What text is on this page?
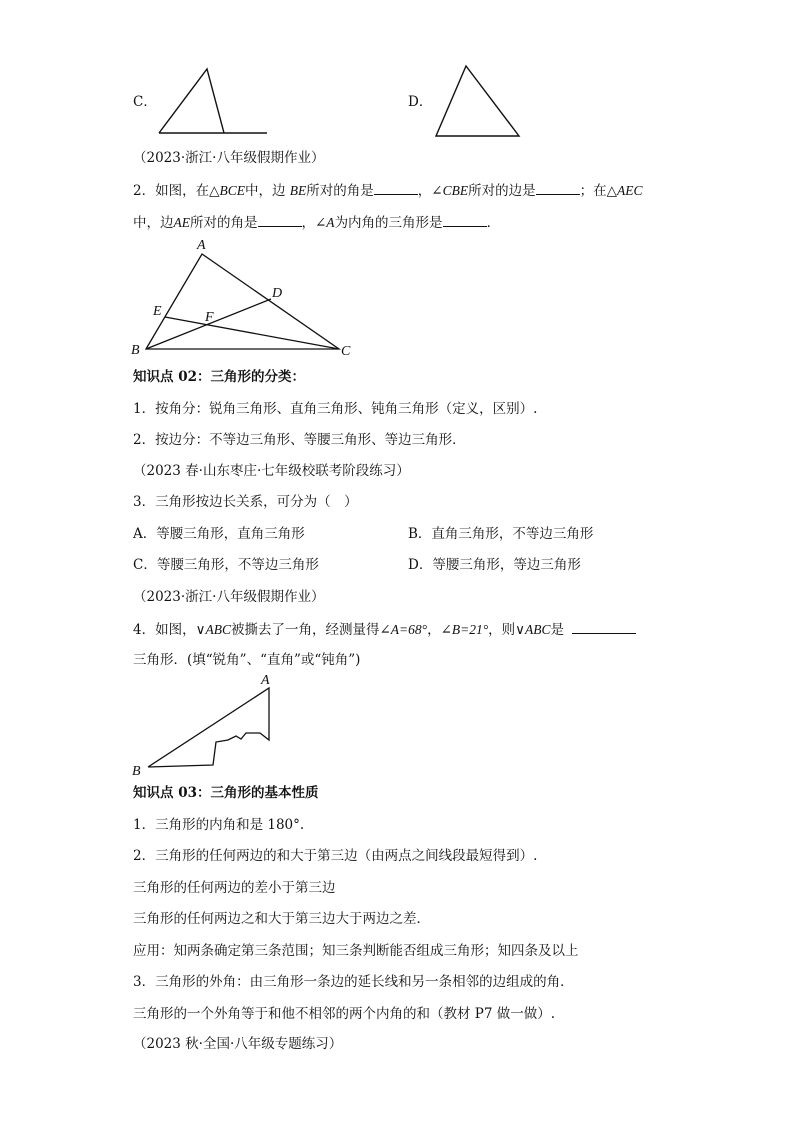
C．	D．
（2023·浙江·八年级假期作业）
2．如图，在△BCE中，边 BE所对的角是	，∠CBE所对的边是	；在△AEC
中，边AE所对的角是	，∠A为内角的三角形是	．
A
D
E	F
B	C
知识点 02：三角形的分类：
1．按角分：锐角三角形、直角三角形、钝角三角形（定义，区别）.
2．按边分：不等边三角形、等腰三角形、等边三角形．
（2023 春·山东枣庄·七年级校联考阶段练习）
3．三角形按边长关系，可分为（　）
A．等腰三角形，直角三角形	B．直角三角形，不等边三角形
C．等腰三角形，不等边三角形	D．等腰三角形，等边三角形
（2023·浙江·八年级假期作业）
4．如图，∨ABC被撕去了一角，经测量得∠A=68°，∠B=21°，则∨ABC是
三角形．(填“锐角”、“直角”或“钝角”)
A
B
知识点 03：三角形的基本性质
1．三角形的内角和是 180°.
2．三角形的任何两边的和大于第三边（由两点之间线段最短得到）.
三角形的任何两边的差小于第三边
三角形的任何两边之和大于第三边大于两边之差．
应用：知两条确定第三条范围；知三条判断能否组成三角形；知四条及以上
3．三角形的外角：由三角形一条边的延长线和另一条相邻的边组成的角．
三角形的一个外角等于和他不相邻的两个内角的和（教材 P7 做一做）.
（2023 秋·全国·八年级专题练习）
